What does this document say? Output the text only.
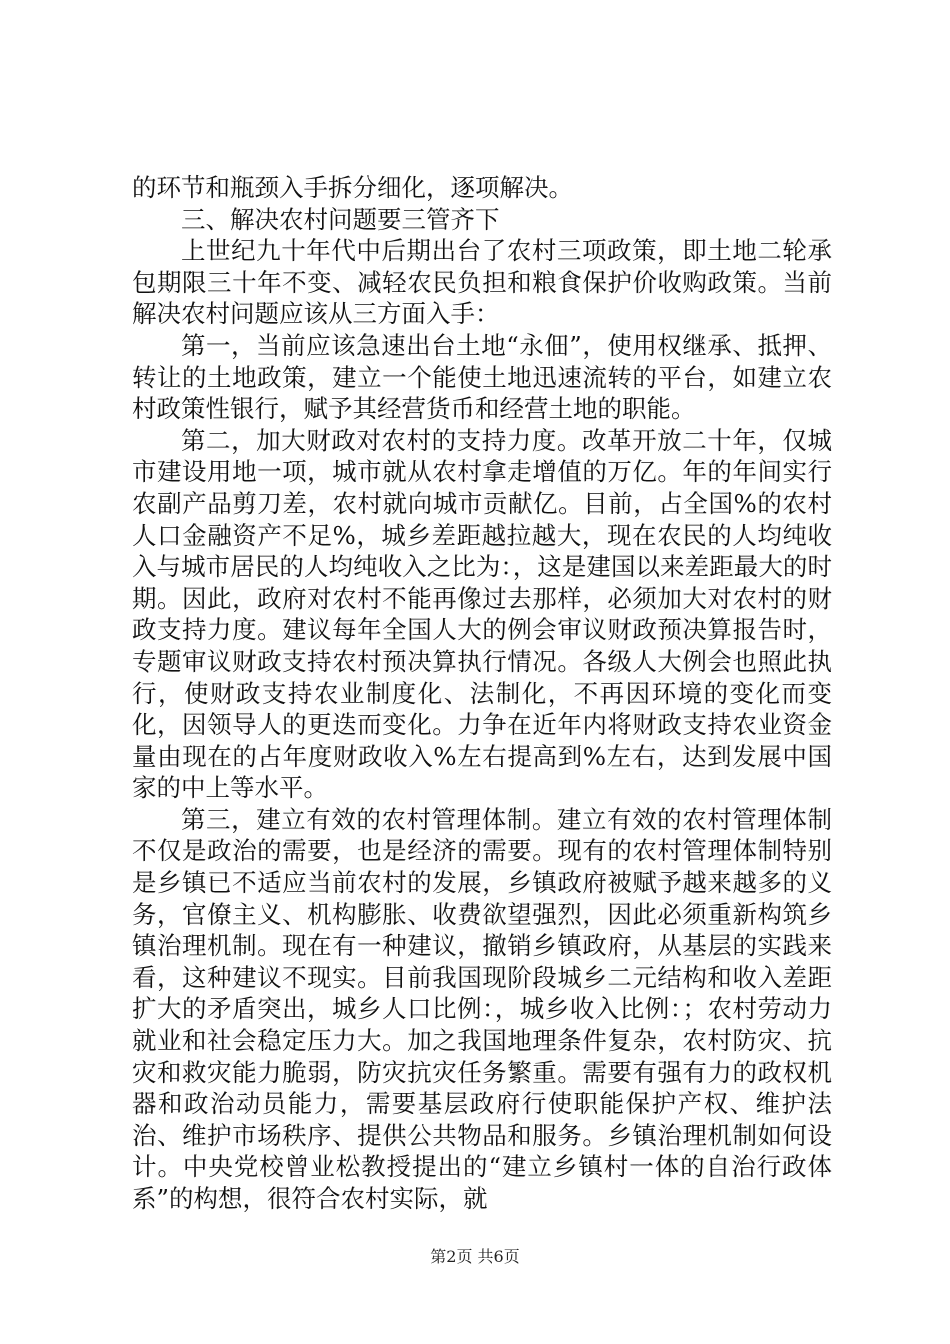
的环节和瓶颈入手拆分细化，逐项解决。

三、解决农村问题要三管齐下

上世纪九十年代中后期出台了农村三项政策，即土地二轮承包期限三十年不变、减轻农民负担和粮食保护价收购政策。当前解决农村问题应该从三方面入手：

第一，当前应该急速出台土地“永佃”，使用权继承、抵押、转让的土地政策，建立一个能使土地迅速流转的平台，如建立农村政策性银行，赋予其经营货币和经营土地的职能。

第二，加大财政对农村的支持力度。改革开放二十年，仅城市建设用地一项，城市就从农村拿走增值的万亿。年的年间实行农副产品剪刀差，农村就向城市贡献亿。目前，占全国%的农村人口金融资产不足%，城乡差距越拉越大，现在农民的人均纯收入与城市居民的人均纯收入之比为：，这是建国以来差距最大的时期。因此，政府对农村不能再像过去那样，必须加大对农村的财政支持力度。建议每年全国人大的例会审议财政预决算报告时，专题审议财政支持农村预决算执行情况。各级人大例会也照此执行，使财政支持农业制度化、法制化，不再因环境的变化而变化，因领导人的更迭而变化。力争在近年内将财政支持农业资金量由现在的占年度财政收入%左右提高到%左右，达到发展中国家的中上等水平。

第三，建立有效的农村管理体制。建立有效的农村管理体制不仅是政治的需要，也是经济的需要。现有的农村管理体制特别是乡镇已不适应当前农村的发展，乡镇政府被赋予越来越多的义务，官僚主义、机构膨胀、收费欲望强烈，因此必须重新构筑乡镇治理机制。现在有一种建议，撤销乡镇政府，从基层的实践来看，这种建议不现实。目前我国现阶段城乡二元结构和收入差距扩大的矛盾突出，城乡人口比例：，城乡收入比例：；农村劳动力就业和社会稳定压力大。加之我国地理条件复杂，农村防灾、抗灾和救灾能力脆弱，防灾抗灾任务繁重。需要有强有力的政权机器和政治动员能力，需要基层政府行使职能保护产权、维护法治、维护市场秩序、提供公共物品和服务。乡镇治理机制如何设计。中央党校曾业松教授提出的“建立乡镇村一体的自治行政体系”的构想，很符合农村实际，就

第2页 共6页
